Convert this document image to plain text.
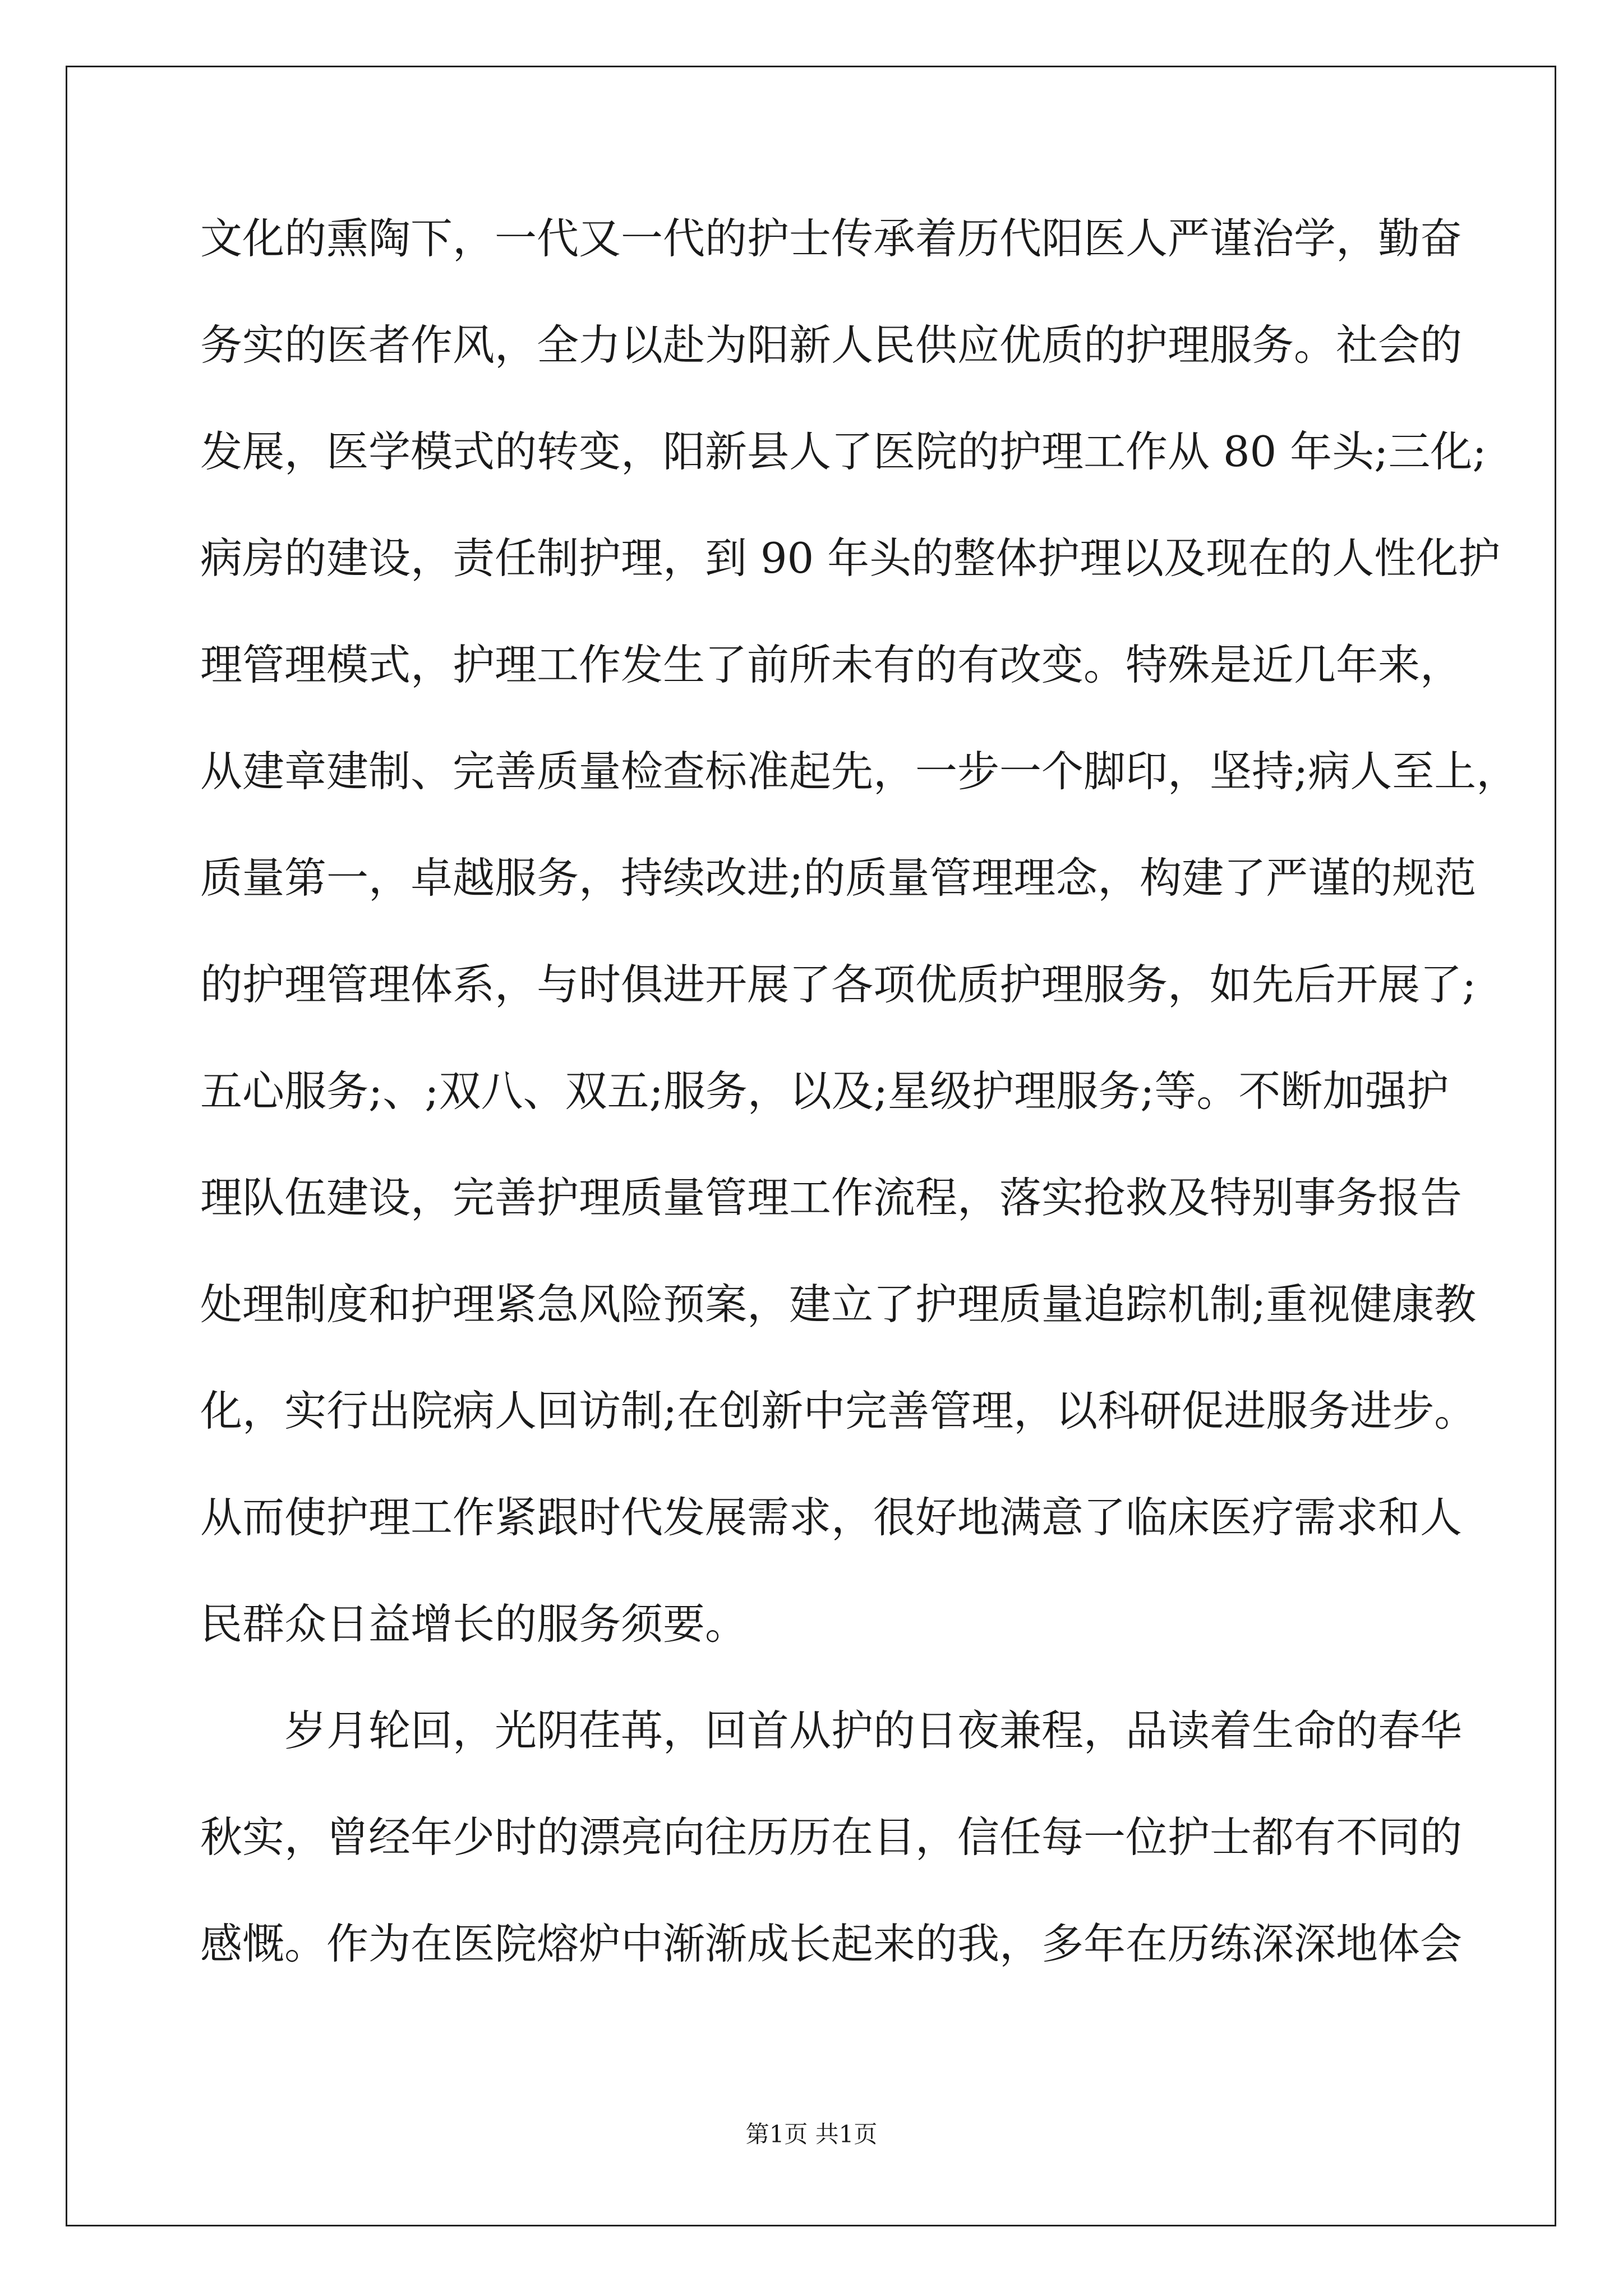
文化的熏陶下，一代又一代的护士传承着历代阳医人严谨治学，勤奋
务实的医者作风，全力以赴为阳新人民供应优质的护理服务。社会的
发展，医学模式的转变，阳新县人了医院的护理工作从 80 年头;三化;
病房的建设，责任制护理，到 90 年头的整体护理以及现在的人性化护
理管理模式，护理工作发生了前所未有的有改变。特殊是近几年来，
从建章建制、完善质量检查标准起先，一步一个脚印，坚持;病人至上，
质量第一，卓越服务，持续改进;的质量管理理念，构建了严谨的规范
的护理管理体系，与时俱进开展了各项优质护理服务，如先后开展了;
五心服务;、;双八、双五;服务，以及;星级护理服务;等。不断加强护
理队伍建设，完善护理质量管理工作流程，落实抢救及特别事务报告
处理制度和护理紧急风险预案，建立了护理质量追踪机制;重视健康教
化，实行出院病人回访制;在创新中完善管理，以科研促进服务进步。
从而使护理工作紧跟时代发展需求，很好地满意了临床医疗需求和人
民群众日益增长的服务须要。
岁月轮回，光阴荏苒，回首从护的日夜兼程，品读着生命的春华
秋实，曾经年少时的漂亮向往历历在目，信任每一位护士都有不同的
感慨。作为在医院熔炉中渐渐成长起来的我，多年在历练深深地体会
第1页 共1页
